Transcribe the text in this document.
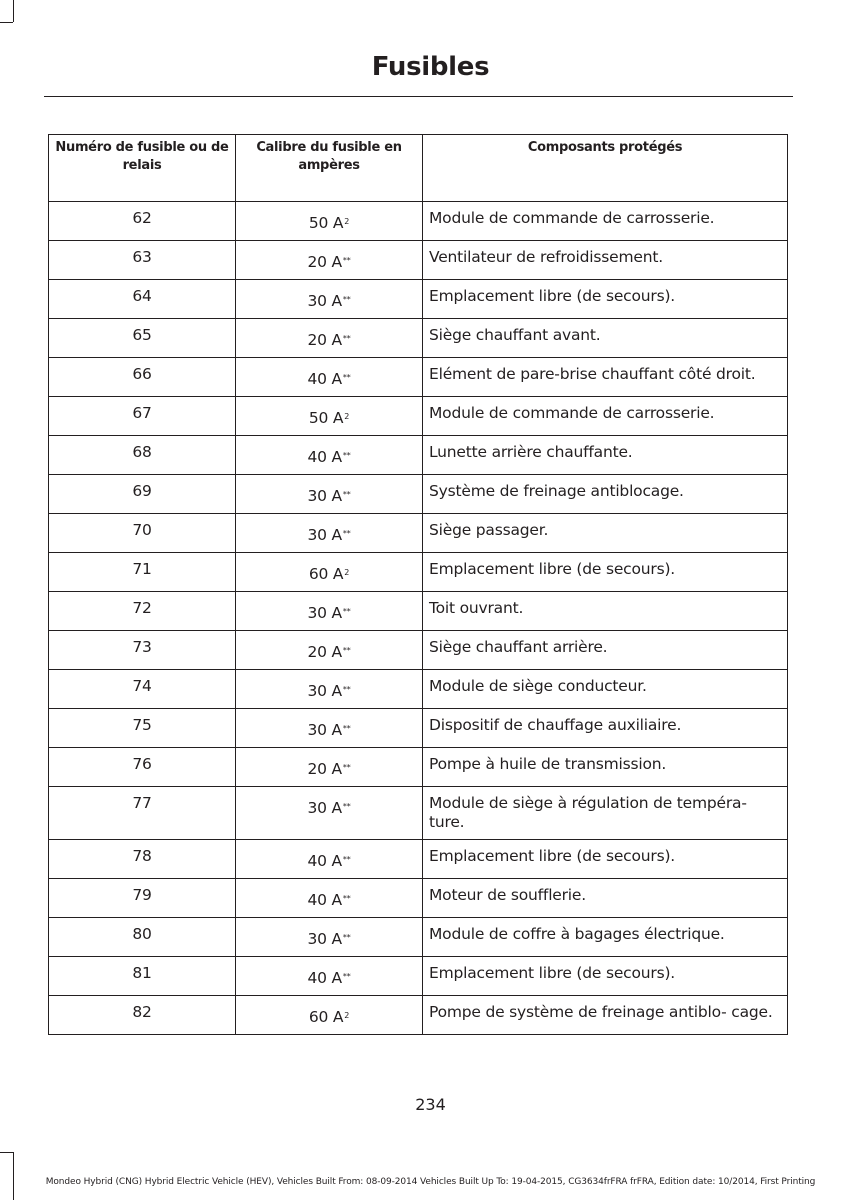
Fusibles
Numéro de fusible ou de relais	Calibre du fusible en ampères	Composants protégés
62	50 $A^2$	Module de commande de carrosserie.
63	20 A**	Ventilateur de refroidissement.
64	30 A**	Emplacement libre (de secours).
65	20 A**	Siège chauffant avant.
66	40 A**	Elément de pare-brise chauffant côté droit.
67	50 $A^2$	Module de commande de carrosserie.
68	40 A**	Lunette arrière chauffante.
69	30 A**	Système de freinage antiblocage.
70	30 A**	Siège passager.
71	60 $A^2$	Emplacement libre (de secours).
72	30 A**	Toit ouvrant.
73	20 A**	Siège chauffant arrière.
74	30 A**	Module de siège conducteur.
75	30 A**	Dispositif de chauffage auxiliaire.
76	20 A**	Pompe à huile de transmission.
77	30 A**	Module de siège à régulation de tempéra- ture.
78	40 A**	Emplacement libre (de secours).
79	40 A**	Moteur de soufflerie.
80	30 A**	Module de coffre à bagages électrique.
81	40 A**	Emplacement libre (de secours).
82	60 $A^2$	Pompe de système de freinage antiblo- cage.
234
Mondeo Hybrid (CNG) Hybrid Electric Vehicle (HEV), Vehicles Built From: 08-09-2014 Vehicles Built Up To: 19-04-2015, CG3634frFRA frFRA, Edition date: 10/2014, First Printing
